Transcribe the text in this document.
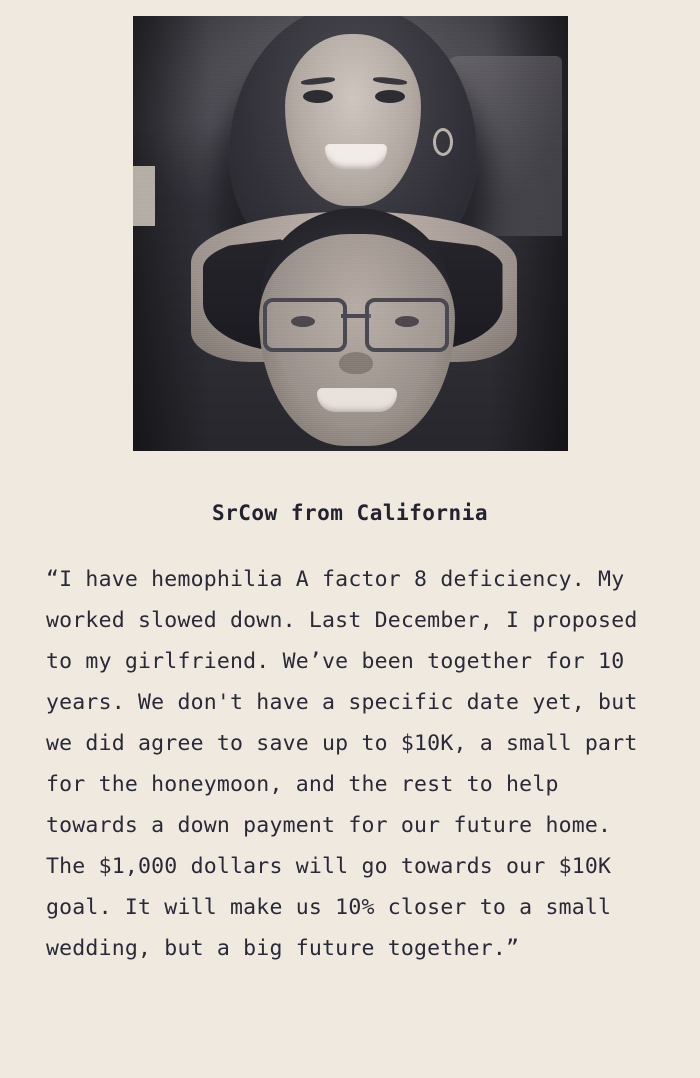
SrCow from California
“I have hemophilia A factor 8 deficiency. My worked slowed down. Last December, I proposed to my girlfriend. We’ve been together for 10 years. We don't have a specific date yet, but we did agree to save up to $10K, a small part for the honeymoon, and the rest to help towards a down payment for our future home. The $1,000 dollars will go towards our $10K goal. It will make us 10% closer to a small wedding, but a big future together.”
